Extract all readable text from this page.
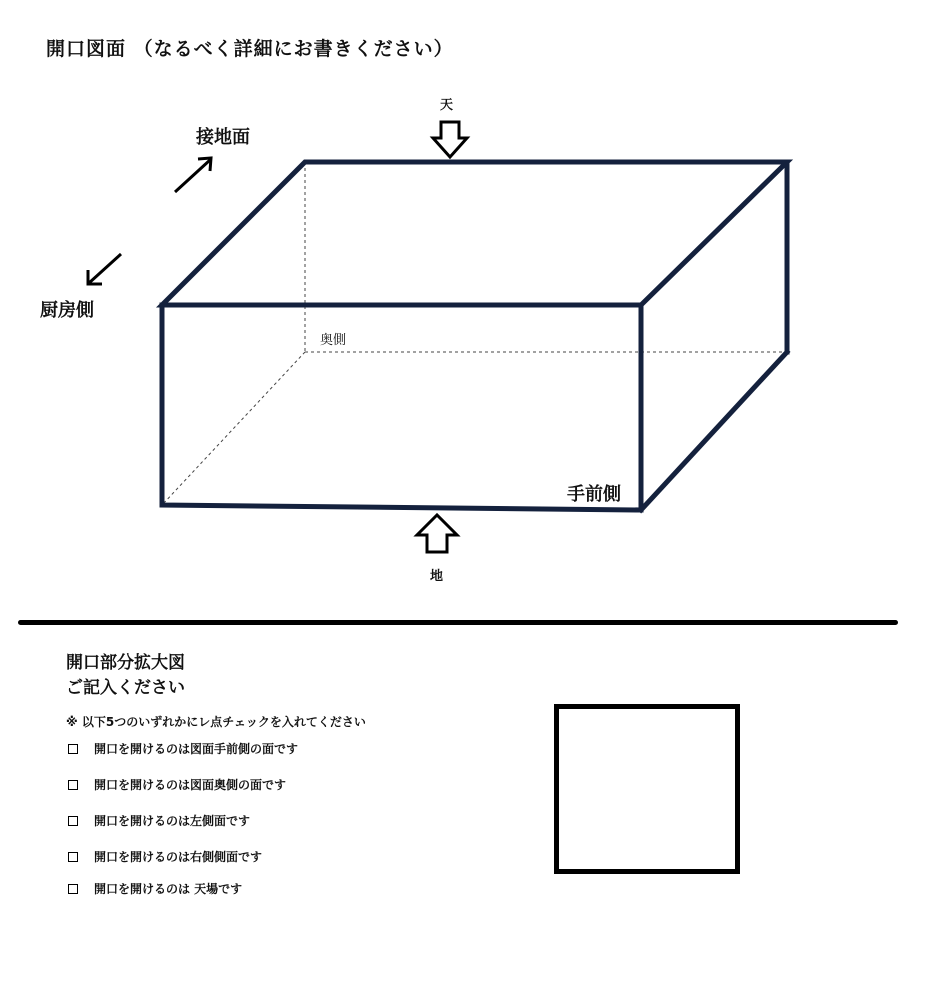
開口図面 （なるべく詳細にお書きください）
天
接地面
厨房側
奥側
手前側
地
開口部分拡大図
ご記入ください
※ 以下5つのいずれかにレ点チェックを入れてください
開口を開けるのは図面手前側の面です
開口を開けるのは図面奥側の面です
開口を開けるのは左側面です
開口を開けるのは右側側面です
開口を開けるのは 天場です
